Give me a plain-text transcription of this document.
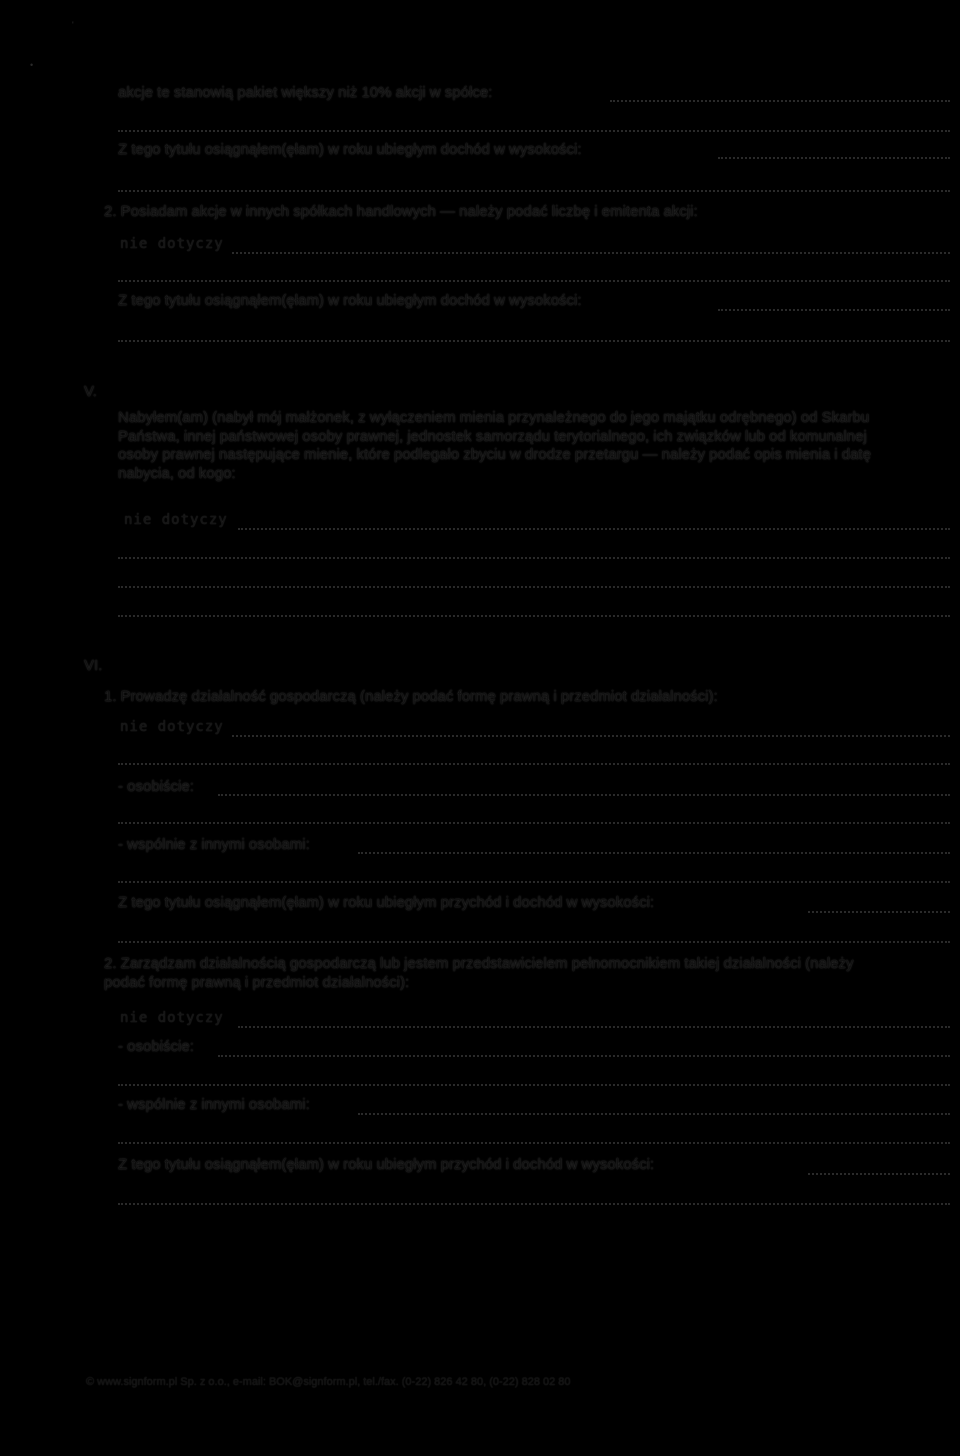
'
•
akcje te stanowią pakiet większy niż 10% akcji w spółce:
Z tego tytułu osiągnąłem(ęłam) w roku ubiegłym dochód w wysokości:
2. Posiadam akcje w innych spółkach handlowych — należy podać liczbę i emitenta akcji:
nie dotyczy
Z tego tytułu osiągnąłem(ęłam) w roku ubiegłym dochód w wysokości:
V.
Nabyłem(am) (nabył mój małżonek, z wyłączeniem mienia przynależnego do jego majątku odrębnego) od Skarbu Państwa, innej państwowej osoby prawnej, jednostek samorządu terytorialnego, ich związków lub od komunalnej osoby prawnej następujące mienie, które podlegało zbyciu w drodze przetargu — należy podać opis mienia i datę nabycia, od kogo:
nie dotyczy
VI.
1. Prowadzę działalność gospodarczą (należy podać formę prawną i przedmiot działalności):
nie dotyczy
- osobiście:
- wspólnie z innymi osobami:
Z tego tytułu osiągnąłem(ęłam) w roku ubiegłym przychód i dochód w wysokości:
2. Zarządzam działalnością gospodarczą lub jestem przedstawicielem pełnomocnikiem takiej działalności (należy podać formę prawną i przedmiot działalności):
nie dotyczy
- osobiście:
- wspólnie z innymi osobami:
Z tego tytułu osiągnąłem(ęłam) w roku ubiegłym przychód i dochód w wysokości:
© www.signform.pl Sp. z o.o., e-mail: BOK@signform.pl, tel./fax. (0-22) 826 42 80, (0-22) 828 02 80
